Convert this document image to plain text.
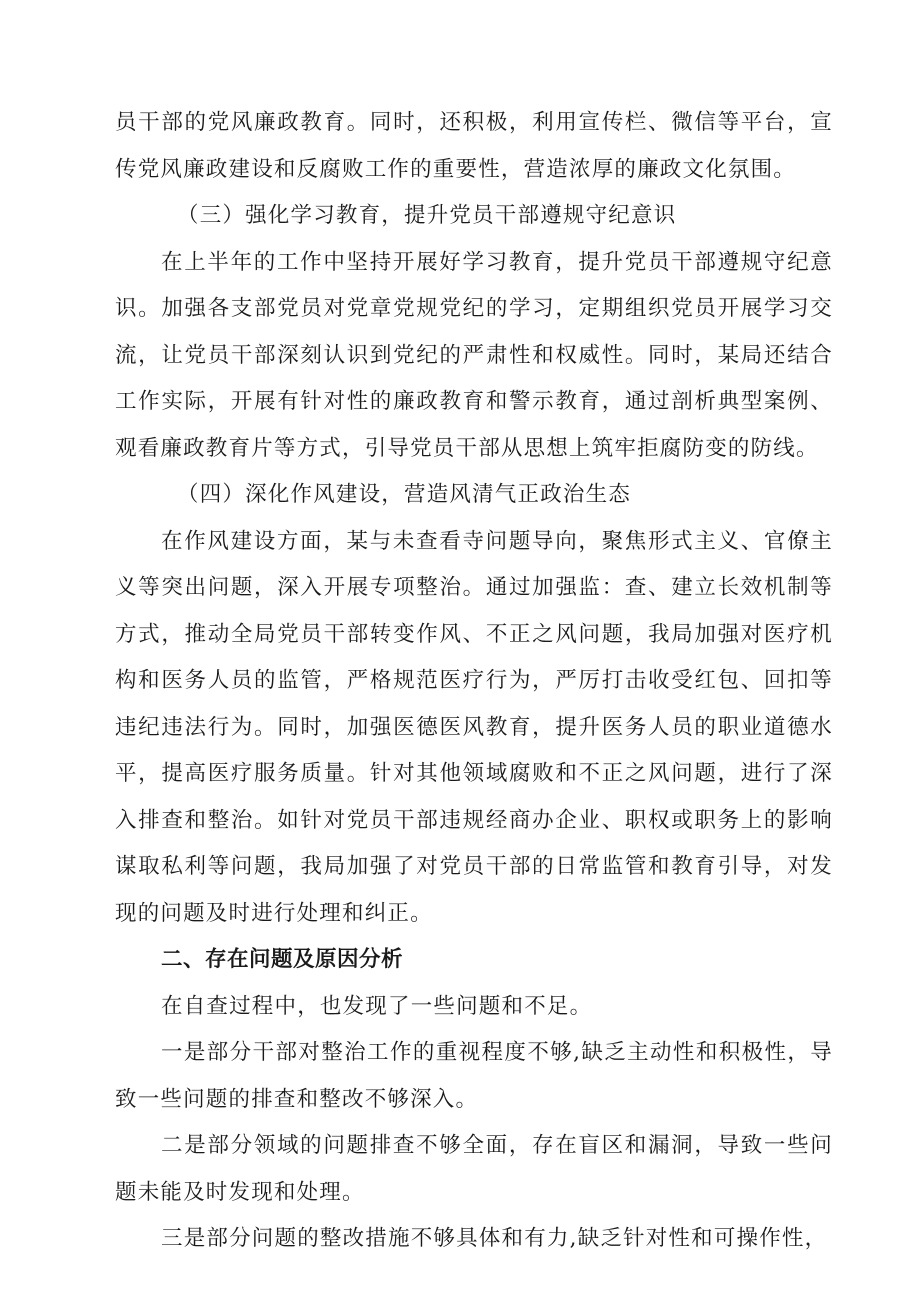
员干部的党风廉政教育。同时，还积极，利用宣传栏、微信等平台，宣传党风廉政建设和反腐败工作的重要性，营造浓厚的廉政文化氛围。

（三）强化学习教育，提升党员干部遵规守纪意识

在上半年的工作中坚持开展好学习教育，提升党员干部遵规守纪意识。加强各支部党员对党章党规党纪的学习，定期组织党员开展学习交流，让党员干部深刻认识到党纪的严肃性和权威性。同时，某局还结合工作实际，开展有针对性的廉政教育和警示教育，通过剖析典型案例、观看廉政教育片等方式，引导党员干部从思想上筑牢拒腐防变的防线。

（四）深化作风建设，营造风清气正政治生态

在作风建设方面，某与未查看寺问题导向，聚焦形式主义、官僚主义等突出问题，深入开展专项整治。通过加强监：查、建立长效机制等方式，推动全局党员干部转变作风、不正之风问题，我局加强对医疗机构和医务人员的监管，严格规范医疗行为，严厉打击收受红包、回扣等违纪违法行为。同时，加强医德医风教育，提升医务人员的职业道德水平，提高医疗服务质量。针对其他领域腐败和不正之风问题，进行了深入排查和整治。如针对党员干部违规经商办企业、职权或职务上的影响谋取私利等问题，我局加强了对党员干部的日常监管和教育引导，对发现的问题及时进行处理和纠正。

二、存在问题及原因分析

在自查过程中，也发现了一些问题和不足。

一是部分干部对整治工作的重视程度不够,缺乏主动性和积极性，导致一些问题的排查和整改不够深入。

二是部分领域的问题排查不够全面，存在盲区和漏洞，导致一些问题未能及时发现和处理。

三是部分问题的整改措施不够具体和有力,缺乏针对性和可操作性，
